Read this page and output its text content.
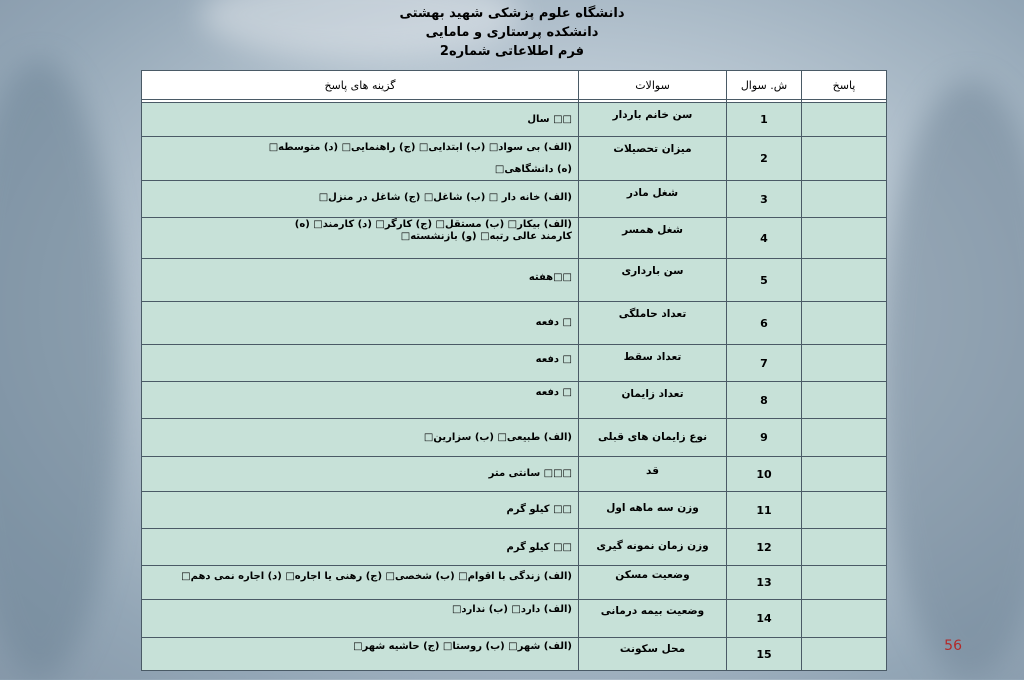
دانشگاه علوم پزشکی شهید بهشتی
دانشکده پرستاری و مامایی
فرم اطلاعاتی شماره2
گزینه های پاسخ	سوالات	ش. سوال	پاسخ

□□ سال	سن خانم باردار	1	

(الف) بی سواد□ (ب) ابتدایی□ (ج) راهنمایی□ (د) متوسطه□
(ه) دانشگاهی□	میزان تحصیلات	2	

(الف) خانه دار □ (ب) شاغل□ (ج) شاغل در منزل□	شغل مادر	3	

(الف) بیکار□ (ب) مستقل□ (ج) کارگر□ (د) کارمند□ (ه)
کارمند عالی رتبه□ (و) بازنشسته□	شغل همسر	4	

□□هفته	سن بارداری	5	

□ دفعه	تعداد حاملگی	6	

□ دفعه	تعداد سقط	7	

□ دفعه	تعداد زایمان	8	

(الف) طبیعی□ (ب) سزارین□	نوع زایمان های قبلی	9	

□□□ سانتی متر	قد	10	

□□ کیلو گرم	وزن سه ماهه اول	11	

□□ کیلو گرم	وزن زمان نمونه گیری	12	

(الف) زندگی با اقوام□ (ب) شخصی□ (ج) رهنی یا اجاره□ (د) اجاره نمی دهم□	وضعیت مسکن	13	

(الف) دارد□ (ب) ندارد□	وضعیت بیمه درمانی	14	

(الف) شهر□ (ب) روستا□ (ج) حاشیه شهر□	محل سکونت	15		56
